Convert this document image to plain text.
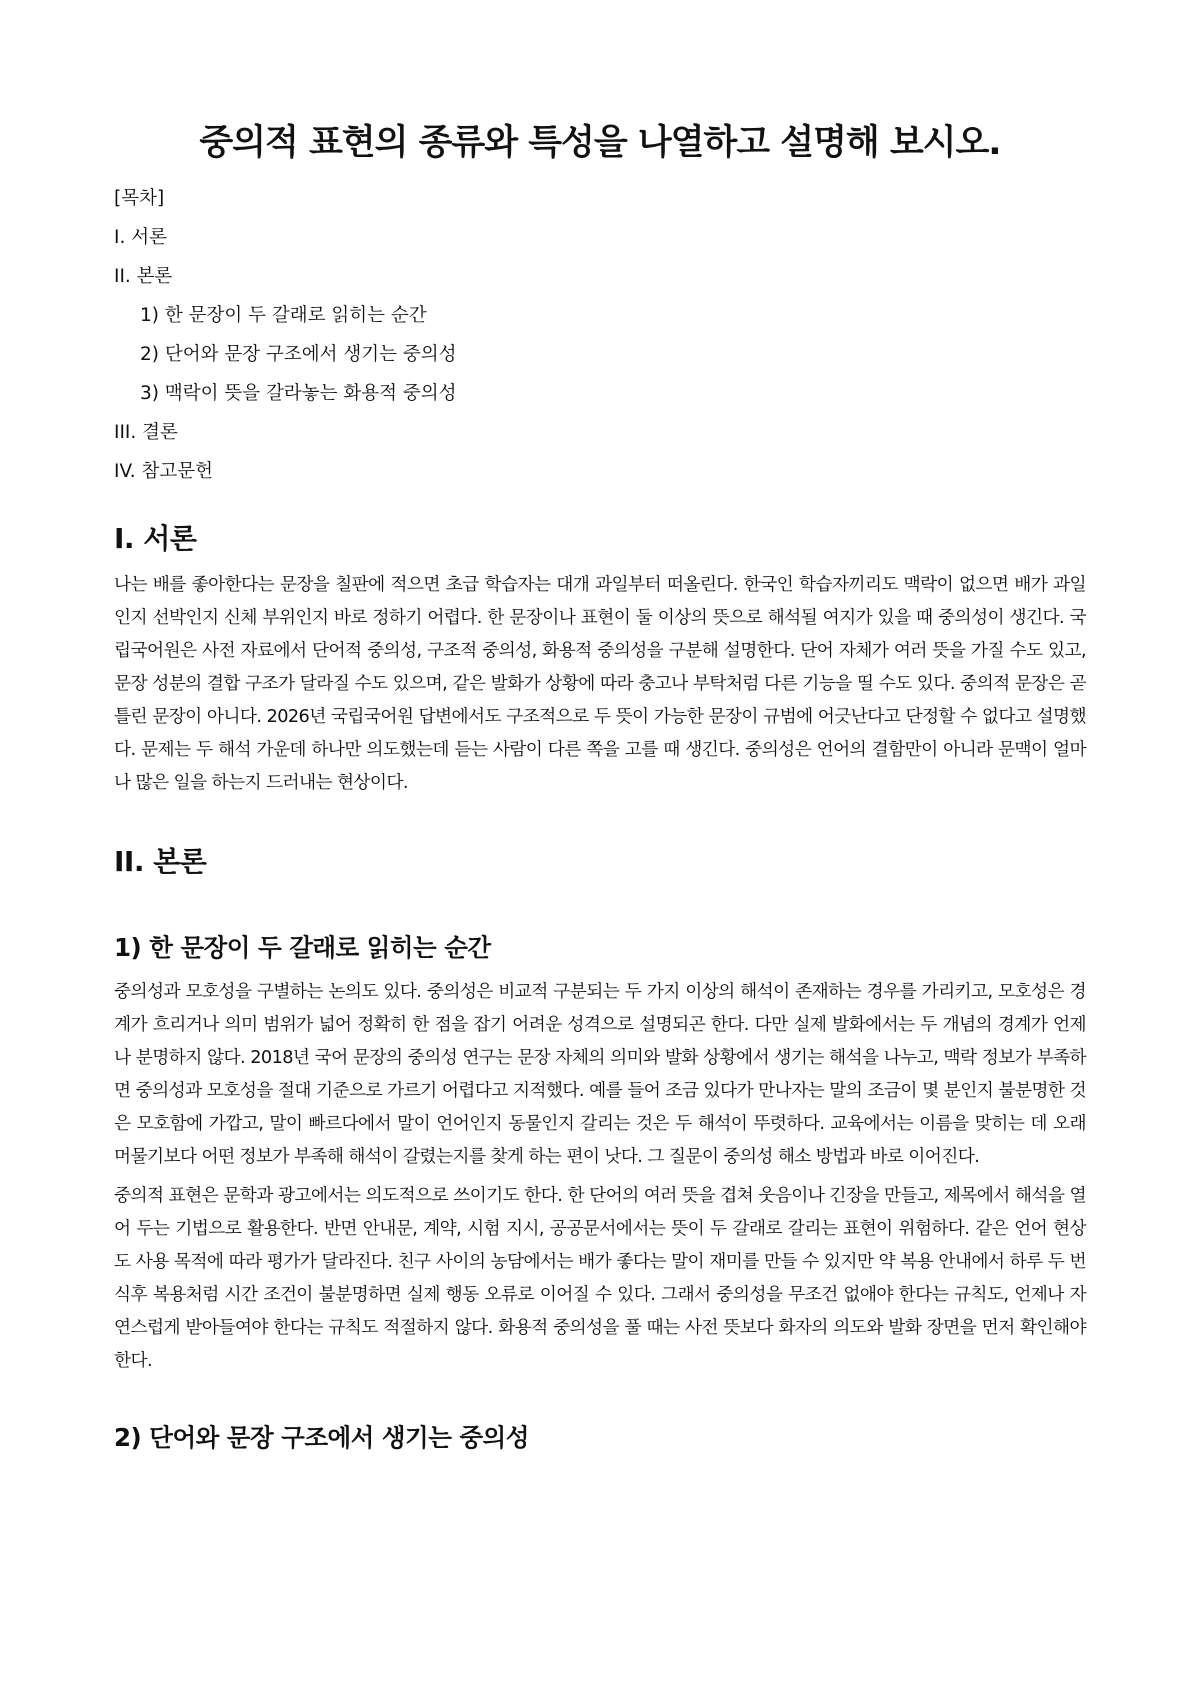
중의적 표현의 종류와 특성을 나열하고 설명해 보시오.
[목차]
I. 서론
II. 본론
1) 한 문장이 두 갈래로 읽히는 순간
2) 단어와 문장 구조에서 생기는 중의성
3) 맥락이 뜻을 갈라놓는 화용적 중의성
III. 결론
IV. 참고문헌
I. 서론

나는 배를 좋아한다는 문장을 칠판에 적으면 초급 학습자는 대개 과일부터 떠올린다. 한국인 학습자끼리도 맥락이 없으면 배가 과일인지 선박인지 신체 부위인지 바로 정하기 어렵다. 한 문장이나 표현이 둘 이상의 뜻으로 해석될 여지가 있을 때 중의성이 생긴다. 국립국어원은 사전 자료에서 단어적 중의성, 구조적 중의성, 화용적 중의성을 구분해 설명한다. 단어 자체가 여러 뜻을 가질 수도 있고, 문장 성분의 결합 구조가 달라질 수도 있으며, 같은 발화가 상황에 따라 충고나 부탁처럼 다른 기능을 띨 수도 있다. 중의적 문장은 곧 틀린 문장이 아니다. 2026년 국립국어원 답변에서도 구조적으로 두 뜻이 가능한 문장이 규범에 어긋난다고 단정할 수 없다고 설명했다. 문제는 두 해석 가운데 하나만 의도했는데 듣는 사람이 다른 쪽을 고를 때 생긴다. 중의성은 언어의 결함만이 아니라 문맥이 얼마나 많은 일을 하는지 드러내는 현상이다.

II. 본론
1) 한 문장이 두 갈래로 읽히는 순간

중의성과 모호성을 구별하는 논의도 있다. 중의성은 비교적 구분되는 두 가지 이상의 해석이 존재하는 경우를 가리키고, 모호성은 경계가 흐리거나 의미 범위가 넓어 정확히 한 점을 잡기 어려운 성격으로 설명되곤 한다. 다만 실제 발화에서는 두 개념의 경계가 언제나 분명하지 않다. 2018년 국어 문장의 중의성 연구는 문장 자체의 의미와 발화 상황에서 생기는 해석을 나누고, 맥락 정보가 부족하면 중의성과 모호성을 절대 기준으로 가르기 어렵다고 지적했다. 예를 들어 조금 있다가 만나자는 말의 조금이 몇 분인지 불분명한 것은 모호함에 가깝고, 말이 빠르다에서 말이 언어인지 동물인지 갈리는 것은 두 해석이 뚜렷하다. 교육에서는 이름을 맞히는 데 오래 머물기보다 어떤 정보가 부족해 해석이 갈렸는지를 찾게 하는 편이 낫다. 그 질문이 중의성 해소 방법과 바로 이어진다.

중의적 표현은 문학과 광고에서는 의도적으로 쓰이기도 한다. 한 단어의 여러 뜻을 겹쳐 웃음이나 긴장을 만들고, 제목에서 해석을 열어 두는 기법으로 활용한다. 반면 안내문, 계약, 시험 지시, 공공문서에서는 뜻이 두 갈래로 갈리는 표현이 위험하다. 같은 언어 현상도 사용 목적에 따라 평가가 달라진다. 친구 사이의 농담에서는 배가 좋다는 말이 재미를 만들 수 있지만 약 복용 안내에서 하루 두 번 식후 복용처럼 시간 조건이 불분명하면 실제 행동 오류로 이어질 수 있다. 그래서 중의성을 무조건 없애야 한다는 규칙도, 언제나 자연스럽게 받아들여야 한다는 규칙도 적절하지 않다. 화용적 중의성을 풀 때는 사전 뜻보다 화자의 의도와 발화 장면을 먼저 확인해야 한다.

2) 단어와 문장 구조에서 생기는 중의성
